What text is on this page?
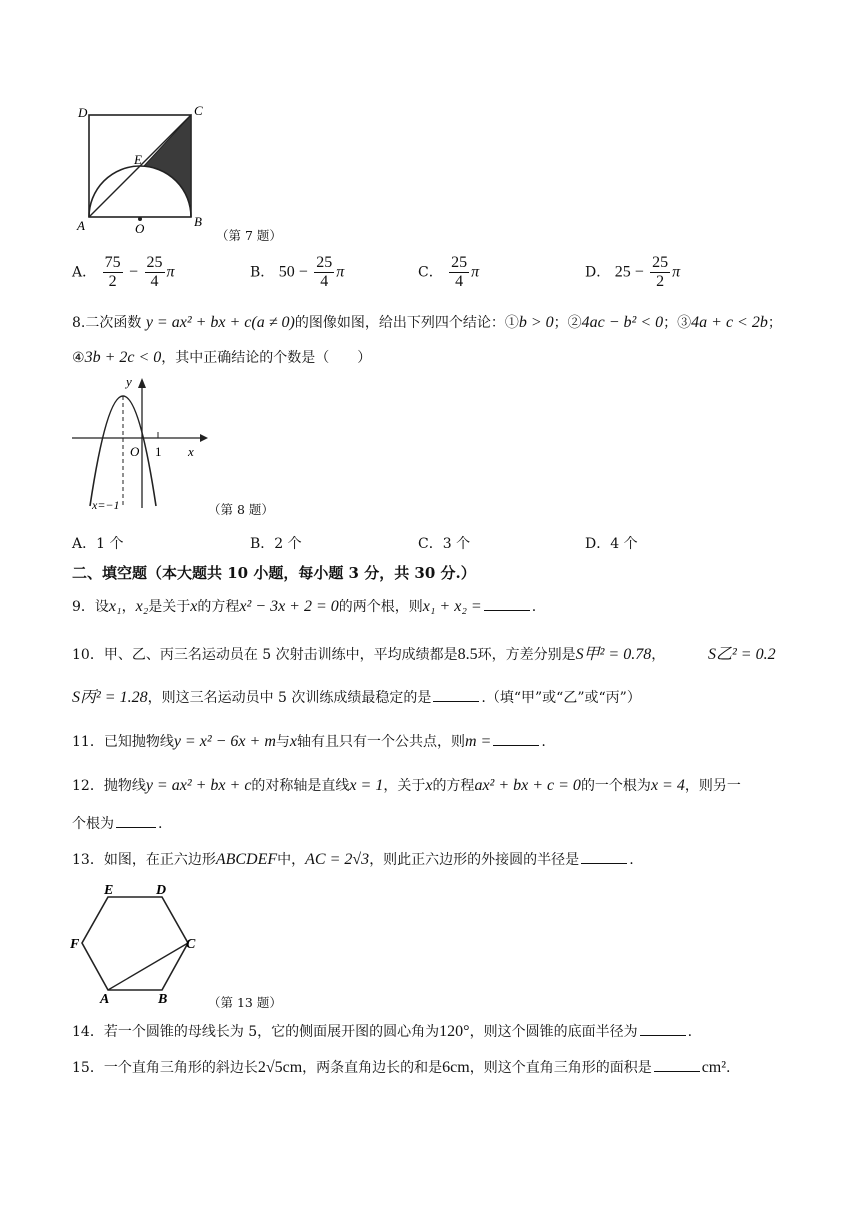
D	C
E
A	O	B
（第 7 题）
A． $\frac{75}{2} - \frac{25}{4}$ π	B． $50 - \frac{25}{4}$ π	C． $\frac{25}{4}$ π	D． $25 - \frac{25}{2}$ π
8.二次函数 y = ax² + bx + c(a ≠ 0)的图像如图，给出下列四个结论：①b > 0；②4ac − b² < 0；③4a + c < 2b；
④3b + 2c < 0，其中正确结论的个数是（　　）
y
x
O 1
x=−1	（第 8 题）
A．1 个	B．2 个	C．3 个	D．4 个
二、填空题（本大题共 10 小题，每小题 3 分，共 30 分.）
9．设x₁，x₂是关于x的方程x² − 3x + 2 = 0的两个根，则x₁ + x₂ =	.
10．甲、乙、丙三名运动员在 5 次射击训练中，平均成绩都是8.5环，方差分别是S甲² = 0.78，	S乙² = 0.2
S丙² = 1.28，则这三名运动员中 5 次训练成绩最稳定的是	.（填“甲”或“乙”或“丙”）
11．已知抛物线y = x² − 6x + m与x轴有且只有一个公共点，则m =	.
12．抛物线y = ax² + bx + c的对称轴是直线x = 1，关于x的方程ax² + bx + c = 0的一个根为x = 4，则另一
个根为	.
13．如图，在正六边形ABCDEF中，AC = 2√3，则此正六边形的外接圆的半径是	.
E	D
F	C
A	B	（第 13 题）
14．若一个圆锥的母线长为 5，它的侧面展开图的圆心角为120°，则这个圆锥的底面半径为	.
15．一个直角三角形的斜边长2√5cm，两条直角边长的和是6cm，则这个直角三角形的面积是	cm².
